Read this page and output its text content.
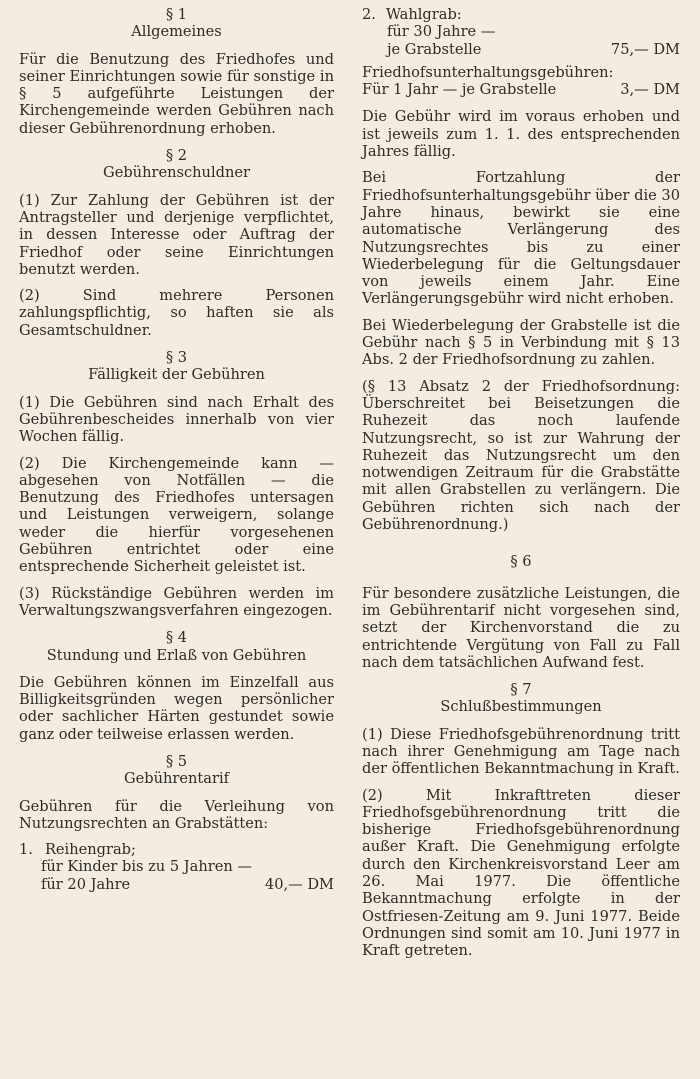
§ 1
Allgemeines

Für die Benutzung des Friedhofes und seiner Einrichtungen sowie für sonstige in § 5 aufgeführte Leistungen der Kirchengemeinde werden Gebühren nach dieser Gebührenordnung erhoben.

§ 2
Gebührenschuldner

(1) Zur Zahlung der Gebühren ist der Antragsteller und derjenige verpflichtet, in dessen Interesse oder Auftrag der Friedhof oder seine Einrichtungen benutzt werden.

(2) Sind mehrere Personen zahlungspflichtig, so haften sie als Gesamtschuldner.

§ 3
Fälligkeit der Gebühren

(1) Die Gebühren sind nach Erhalt des Gebührenbescheides innerhalb von vier Wochen fällig.

(2) Die Kirchengemeinde kann — abgesehen von Notfällen — die Benutzung des Friedhofes untersagen und Leistungen verweigern, solange weder die hierfür vorgesehenen Gebühren entrichtet oder eine entsprechende Sicherheit geleistet ist.

(3) Rückständige Gebühren werden im Verwaltungszwangsverfahren eingezogen.

§ 4
Stundung und Erlaß von Gebühren

Die Gebühren können im Einzelfall aus Billigkeitsgründen wegen persönlicher oder sachlicher Härten gestundet sowie ganz oder teilweise erlassen werden.

§ 5
Gebührentarif

Gebühren für die Verleihung von Nutzungsrechten an Grabstätten:

1. Reihengrab;
für Kinder bis zu 5 Jahren —
für 20 Jahre	40,— DM
2. Wahlgrab:
für 30 Jahre —
je Grabstelle	75,— DM
Friedhofsunterhaltungsgebühren:
Für 1 Jahr — je Grabstelle	3,— DM

Die Gebühr wird im voraus erhoben und ist jeweils zum 1. 1. des entsprechenden Jahres fällig.

Bei Fortzahlung der Friedhofsunterhaltungsgebühr über die 30 Jahre hinaus, bewirkt sie eine automatische Verlängerung des Nutzungsrechtes bis zu einer Wiederbelegung für die Geltungsdauer von jeweils einem Jahr. Eine Verlängerungsgebühr wird nicht erhoben.

Bei Wiederbelegung der Grabstelle ist die Gebühr nach § 5 in Verbindung mit § 13 Abs. 2 der Friedhofsordnung zu zahlen.

(§ 13 Absatz 2 der Friedhofsordnung: Überschreitet bei Beisetzungen die Ruhezeit das noch laufende Nutzungsrecht, so ist zur Wahrung der Ruhezeit das Nutzungsrecht um den notwendigen Zeitraum für die Grabstätte mit allen Grabstellen zu verlängern. Die Gebühren richten sich nach der Gebührenordnung.)

§ 6

Für besondere zusätzliche Leistungen, die im Gebührentarif nicht vorgesehen sind, setzt der Kirchenvorstand die zu entrichtende Vergütung von Fall zu Fall nach dem tatsächlichen Aufwand fest.

§ 7
Schlußbestimmungen

(1) Diese Friedhofsgebührenordnung tritt nach ihrer Genehmigung am Tage nach der öffentlichen Bekanntmachung in Kraft.

(2) Mit Inkrafttreten dieser Friedhofsgebührenordnung tritt die bisherige Friedhofsgebührenordnung außer Kraft. Die Genehmigung erfolgte durch den Kirchenkreisvorstand Leer am 26. Mai 1977. Die öffentliche Bekanntmachung erfolgte in der Ostfriesen-Zeitung am 9. Juni 1977. Beide Ordnungen sind somit am 10. Juni 1977 in Kraft getreten.
